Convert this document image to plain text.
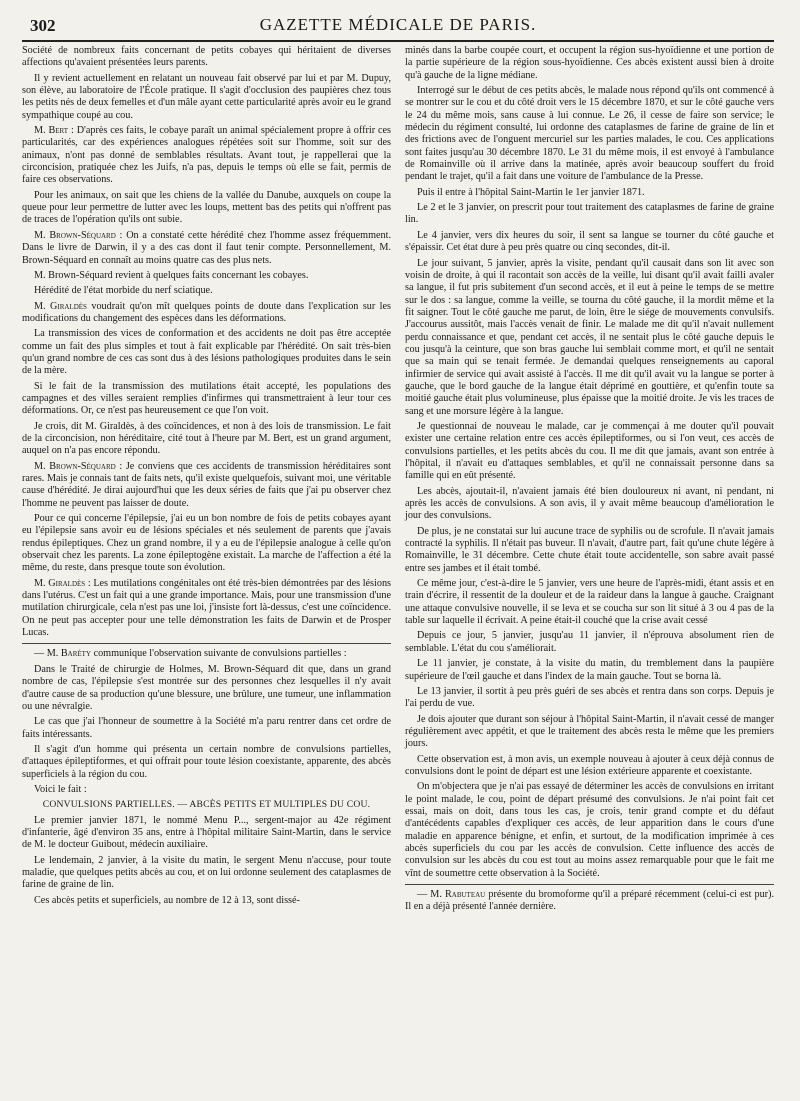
302	GAZETTE MÉDICALE DE PARIS.

Société de nombreux faits concernant de petits cobayes qui héritaient de diverses affections qu'avaient présentées leurs parents.

Il y revient actuellement en relatant un nouveau fait observé par lui et par M. Dupuy, son élève, au laboratoire de l'École pratique. Il s'agit d'occlusion des paupières chez tous les petits nés de deux femelles et d'un mâle ayant cette particularité après avoir eu le grand sympathique coupé au cou.

M. Bert : D'après ces faits, le cobaye paraît un animal spécialement propre à offrir ces particularités, car des expériences analogues répétées soit sur l'homme, soit sur des animaux, n'ont pas donné de semblables résultats. Avant tout, je rappellerai que la circoncision, pratiquée chez les Juifs, n'a pas, depuis le temps où elle se fait, permis de faire ces observations.

Pour les animaux, on sait que les chiens de la vallée du Danube, auxquels on coupe la queue pour leur permettre de lutter avec les loups, mettent bas des petits qui n'offrent pas de traces de l'opération qu'ils ont subie.

M. Brown-Séquard : On a constaté cette hérédité chez l'homme assez fréquemment. Dans le livre de Darwin, il y a des cas dont il faut tenir compte. Personnellement, M. Brown-Séquard en connaît au moins quatre cas des plus nets.

M. Brown-Séquard revient à quelques faits concernant les cobayes.

Hérédité de l'état morbide du nerf sciatique.

M. Giraldès voudrait qu'on mît quelques points de doute dans l'explication sur les modifications du changement des espèces dans les déformations.

La transmission des vices de conformation et des accidents ne doit pas être acceptée comme un fait des plus simples et tout à fait explicable par l'hérédité. On sait très-bien qu'un grand nombre de ces cas sont dus à des lésions pathologiques produites dans le sein de la mère.

Si le fait de la transmission des mutilations était accepté, les populations des campagnes et des villes seraient remplies d'infirmes qui transmettraient à leur tour ces déformations. Or, ce n'est pas heureusement ce que l'on voit.

Je crois, dit M. Giraldès, à des coïncidences, et non à des lois de transmission. Le fait de la circoncision, non héréditaire, cité tout à l'heure par M. Bert, est un grand argument, auquel on n'a pas encore répondu.

M. Brown-Séquard : Je conviens que ces accidents de transmission héréditaires sont rares. Mais je connais tant de faits nets, qu'il existe quelquefois, suivant moi, une véritable cause d'hérédité. Je dirai aujourd'hui que les deux séries de faits que j'ai pu observer chez l'homme ne peuvent pas laisser de doute.

Pour ce qui concerne l'épilepsie, j'ai eu un bon nombre de fois de petits cobayes ayant eu l'épilepsie sans avoir eu de lésions spéciales et nés seulement de parents que j'avais rendus épileptiques. Chez un grand nombre, il y a eu de l'épilepsie analogue à celle qu'on observait chez les parents. La zone épileptogène existait. La marche de l'affection a été la même, du reste, dans presque toute son évolution.

M. Giraldès : Les mutilations congénitales ont été très-bien démontrées par des lésions dans l'utérus. C'est un fait qui a une grande importance. Mais, pour une transmission d'une mutilation chirurgicale, cela n'est pas une loi, j'insiste fort là-dessus, c'est une coïncidence. On ne peut pas accepter pour une telle démonstration les faits de Darwin et de Prosper Lucas.

— M. Baréty communique l'observation suivante de convulsions partielles :

Dans le Traité de chirurgie de Holmes, M. Brown-Séquard dit que, dans un grand nombre de cas, l'épilepsie s'est montrée sur des personnes chez lesquelles il n'y avait d'autre cause de sa production qu'une blessure, une brûlure, une tumeur, une inflammation ou une névralgie.

Le cas que j'ai l'honneur de soumettre à la Société m'a paru rentrer dans cet ordre de faits intéressants.

Il s'agit d'un homme qui présenta un certain nombre de convulsions partielles, d'attaques épileptiformes, et qui offrait pour toute lésion coexistante, apparente, des abcès superficiels à la région du cou.

Voici le fait :

CONVULSIONS PARTIELLES. — ABCÈS PETITS ET MULTIPLES DU COU.

Le premier janvier 1871, le nommé Menu P..., sergent-major au 42e régiment d'infanterie, âgé d'environ 35 ans, entre à l'hôpital militaire Saint-Martin, dans le service de M. le docteur Guibout, médecin auxiliaire.

Le lendemain, 2 janvier, à la visite du matin, le sergent Menu n'accuse, pour toute maladie, que quelques petits abcès au cou, et on lui ordonne seulement des cataplasmes de farine de graine de lin.

Ces abcès petits et superficiels, au nombre de 12 à 13, sont dissé-

minés dans la barbe coupée court, et occupent la région sus-hyoïdienne et une portion de la partie supérieure de la région sous-hyoïdienne. Ces abcès existent aussi bien à droite qu'à gauche de la ligne médiane.

Interrogé sur le début de ces petits abcès, le malade nous répond qu'ils ont commencé à se montrer sur le cou et du côté droit vers le 15 décembre 1870, et sur le côté gauche vers le 24 du même mois, sans cause à lui connue. Le 26, il cesse de faire son service; le médecin du régiment consulté, lui ordonne des cataplasmes de farine de graine de lin et des frictions avec de l'onguent mercuriel sur les parties malades, le cou. Ces applications sont faites jusqu'au 30 décembre 1870. Le 31 du même mois, il est envoyé à l'ambulance de Romainville où il arrive dans la matinée, après avoir beaucoup souffert du froid pendant le trajet, qu'il a fait dans une voiture de l'ambulance de la Presse.

Puis il entre à l'hôpital Saint-Martin le 1er janvier 1871.

Le 2 et le 3 janvier, on prescrit pour tout traitement des cataplasmes de farine de graine lin.

Le 4 janvier, vers dix heures du soir, il sent sa langue se tourner du côté gauche et s'épaissir. Cet état dure à peu près quatre ou cinq secondes, dit-il.

Le jour suivant, 5 janvier, après la visite, pendant qu'il causait dans son lit avec son voisin de droite, à qui il racontait son accès de la veille, lui disant qu'il avait failli avaler sa langue, il fut pris subitement d'un second accès, et il eut à peine le temps de se mettre sur le dos : sa langue, comme la veille, se tourna du côté gauche, il la mordit même et la fit saigner. Tout le côté gauche me parut, de loin, être le siége de mouvements convulsifs. J'accourus aussitôt, mais l'accès venait de finir. Le malade me dit qu'il n'avait nullement perdu connaissance et que, pendant cet accès, il ne sentait plus le côté gauche depuis le cou jusqu'à la ceinture, que son bras gauche lui semblait comme mort, et qu'il ne sentait que sa main qui se tenait fermée. Je demandai quelques renseignements au caporal infirmier de service qui avait assisté à l'accès. Il me dit qu'il avait vu la langue se porter à gauche, que le bord gauche de la langue était déprimé en gouttière, et qu'enfin toute sa moitié gauche était plus volumineuse, plus épaisse que la moitié droite. Je vis les traces de sang et une morsure légère à la langue.

Je questionnai de nouveau le malade, car je commençai à me douter qu'il pouvait exister une certaine relation entre ces accès épileptiformes, ou si l'on veut, ces accès de convulsions partielles, et les petits abcès du cou. Il me dit que jamais, avant son entrée à l'hôpital, il n'avait eu d'attaques semblables, et qu'il ne connaissait personne dans sa famille qui en eût présenté.

Les abcès, ajoutait-il, n'avaient jamais été bien douloureux ni avant, ni pendant, ni après les accès de convulsions. A son avis, il y avait même beaucoup d'amélioration le jour des convulsions.

De plus, je ne constatai sur lui aucune trace de syphilis ou de scrofule. Il n'avait jamais contracté la syphilis. Il n'était pas buveur. Il n'avait, d'autre part, fait qu'une chute légère à Romainville, le 31 décembre. Cette chute était toute accidentelle, son sabre avait passé entre ses jambes et il était tombé.

Ce même jour, c'est-à-dire le 5 janvier, vers une heure de l'après-midi, étant assis et en train d'écrire, il ressentit de la douleur et de la raideur dans la langue à gauche. Craignant une attaque convulsive nouvelle, il se leva et se coucha sur son lit situé à 3 ou 4 pas de la table sur laquelle il écrivait. A peine était-il couché que la crise avait cessé

Depuis ce jour, 5 janvier, jusqu'au 11 janvier, il n'éprouva absolument rien de semblable. L'état du cou s'améliorait.

Le 11 janvier, je constate, à la visite du matin, du tremblement dans la paupière supérieure de l'œil gauche et dans l'index de la main gauche. Tout se borna là.

Le 13 janvier, il sortit à peu près guéri de ses abcès et rentra dans son corps. Depuis je l'ai perdu de vue.

Je dois ajouter que durant son séjour à l'hôpital Saint-Martin, il n'avait cessé de manger régulièrement avec appétit, et que le traitement des abcès resta le même que les premiers jours.

Cette observation est, à mon avis, un exemple nouveau à ajouter à ceux déjà connus de convulsions dont le point de départ est une lésion extérieure apparente et coexistante.

On m'objectera que je n'ai pas essayé de déterminer les accès de convulsions en irritant le point malade, le cou, point de départ présumé des convulsions. Je n'ai point fait cet essai, mais on doit, dans tous les cas, je crois, tenir grand compte et du défaut d'antécédents capables d'expliquer ces accès, de leur apparition dans le cours d'une maladie en apparence bénigne, et enfin, et surtout, de la modification imprimée à ces abcès superficiels du cou par les accès de convulsion. Cette influence des accès de convulsion sur les abcès du cou est tout au moins assez remarquable pour que le fait me vînt de soumettre cette observation à la Société.

— M. Rabuteau présente du bromoforme qu'il a préparé récemment (celui-ci est pur). Il en a déjà présenté l'année dernière.
